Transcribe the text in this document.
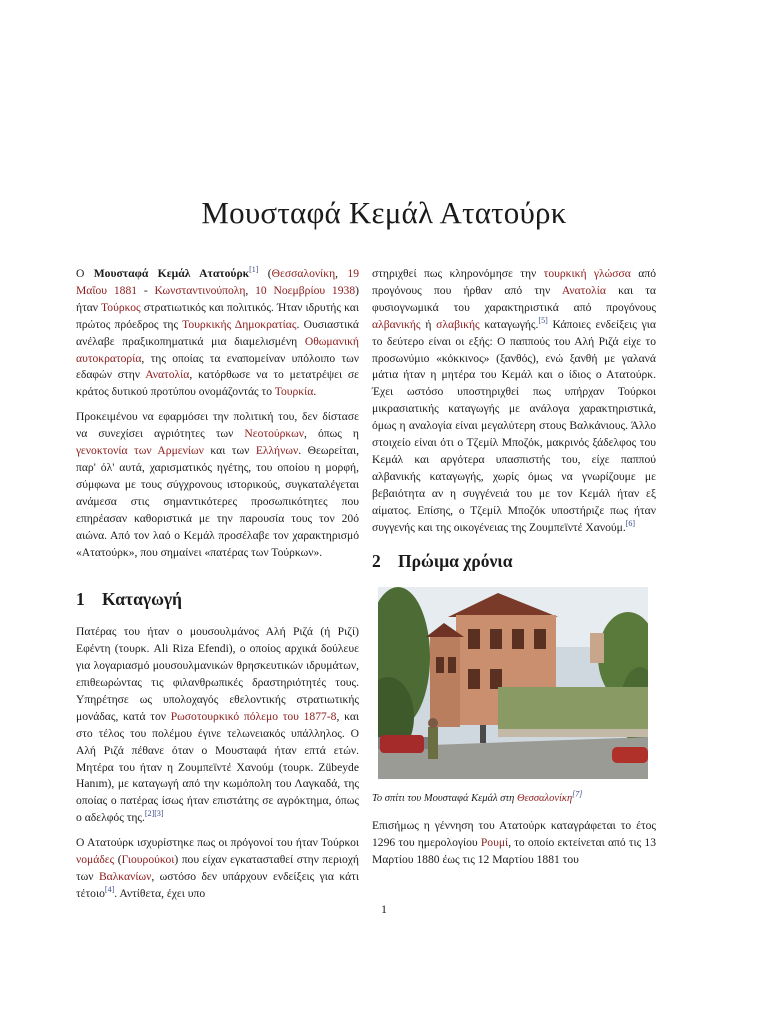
Μουσταφά Κεμάλ Ατατούρκ

Ο Μουσταφά Κεμάλ Ατατούρκ[1] (Θεσσαλονίκη, 19 Μαΐου 1881 - Κωνσταντινούπολη, 10 Νοεμβρίου 1938) ήταν Τούρκος στρατιωτικός και πολιτικός. Ήταν ιδρυτής και πρώτος πρόεδρος της Τουρκικής Δημοκρατίας. Ουσιαστικά ανέλαβε πραξικοπηματικά μια διαμελισμένη Οθωμανική αυτοκρατορία, της οποίας τα εναπομείναν υπόλοιπο των εδαφών στην Ανατολία, κατόρθωσε να το μετατρέψει σε κράτος δυτικού προτύπου ονομάζοντάς το Τουρκία.

Προκειμένου να εφαρμόσει την πολιτική του, δεν δίστασε να συνεχίσει αγριότητες των Νεοτούρκων, όπως η γενοκτονία των Αρμενίων και των Ελλήνων. Θεωρείται, παρ' όλ' αυτά, χαρισματικός ηγέτης, του οποίου η μορφή, σύμφωνα με τους σύγχρονους ιστορικούς, συγκαταλέγεται ανάμεσα στις σημαντικότερες προσωπικότητες που επηρέασαν καθοριστικά με την παρουσία τους τον 20ό αιώνα. Από τον λαό ο Κεμάλ προσέλαβε τον χαρακτηρισμό «Ατατούρκ», που σημαίνει «πατέρας των Τούρκων».

1 Καταγωγή

Πατέρας του ήταν ο μουσουλμάνος Αλή Ριζά (ή Ριζί) Εφέντη (τουρκ. Ali Riza Efendi), ο οποίος αρχικά δούλευε για λογαριασμό μουσουλμανικών θρησκευτικών ιδρυμάτων, επιθεωρώντας τις φιλανθρωπικές δραστηριότητές τους. Υπηρέτησε ως υπολοχαγός εθελοντικής στρατιωτικής μονάδας, κατά τον Ρωσοτουρκικό πόλεμο του 1877-8, και στο τέλος του πολέμου έγινε τελωνειακός υπάλληλος. Ο Αλή Ριζά πέθανε όταν ο Μουσταφά ήταν επτά ετών. Μητέρα του ήταν η Ζουμπεϊντέ Χανούμ (τουρκ. Zübeyde Hanım), με καταγωγή από την κωμόπολη του Λαγκαδά, της οποίας ο πατέρας ίσως ήταν επιστάτης σε αγρόκτημα, όπως ο αδελφός της.[2][3]

Ο Ατατούρκ ισχυρίστηκε πως οι πρόγονοί του ήταν Τούρκοι νομάδες (Γιουρούκοι) που είχαν εγκατασταθεί στην περιοχή των Βαλκανίων, ωστόσο δεν υπάρχουν ενδείξεις για κάτι τέτοιο[4]. Αντίθετα, έχει υπο

στηριχθεί πως κληρονόμησε την τουρκική γλώσσα από προγόνους που ήρθαν από την Ανατολία και τα φυσιογνωμικά του χαρακτηριστικά από προγόνους αλβανικής ή σλαβικής καταγωγής.[5] Κάποιες ενδείξεις για το δεύτερο είναι οι εξής: Ο παππούς του Αλή Ριζά είχε το προσωνύμιο «κόκκινος» (ξανθός), ενώ ξανθή με γαλανά μάτια ήταν η μητέρα του Κεμάλ και ο ίδιος ο Ατατούρκ. Έχει ωστόσο υποστηριχθεί πως υπήρχαν Τούρκοι μικρασιατικής καταγωγής με ανάλογα χαρακτηριστικά, όμως η αναλογία είναι μεγαλύτερη στους Βαλκάνιους. Άλλο στοιχείο είναι ότι ο Τζεμίλ Μποζόκ, μακρινός ξάδελφος του Κεμάλ και αργότερα υπασπιστής του, είχε παππού αλβανικής καταγωγής, χωρίς όμως να γνωρίζουμε με βεβαιότητα αν η συγγένειά του με τον Κεμάλ ήταν εξ αίματος. Επίσης, ο Τζεμίλ Μποζόκ υποστήριζε πως ήταν συγγενής και της οικογένειας της Ζουμπεϊντέ Χανούμ.[6]

2 Πρώιμα χρόνια

Το σπίτι του Μουσταφά Κεμάλ στη Θεσσαλονίκη[7]

Επισήμως η γέννηση του Ατατούρκ καταγράφεται το έτος 1296 του ημερολογίου Ρουμί, το οποίο εκτείνεται από τις 13 Μαρτίου 1880 έως τις 12 Μαρτίου 1881 του

1
